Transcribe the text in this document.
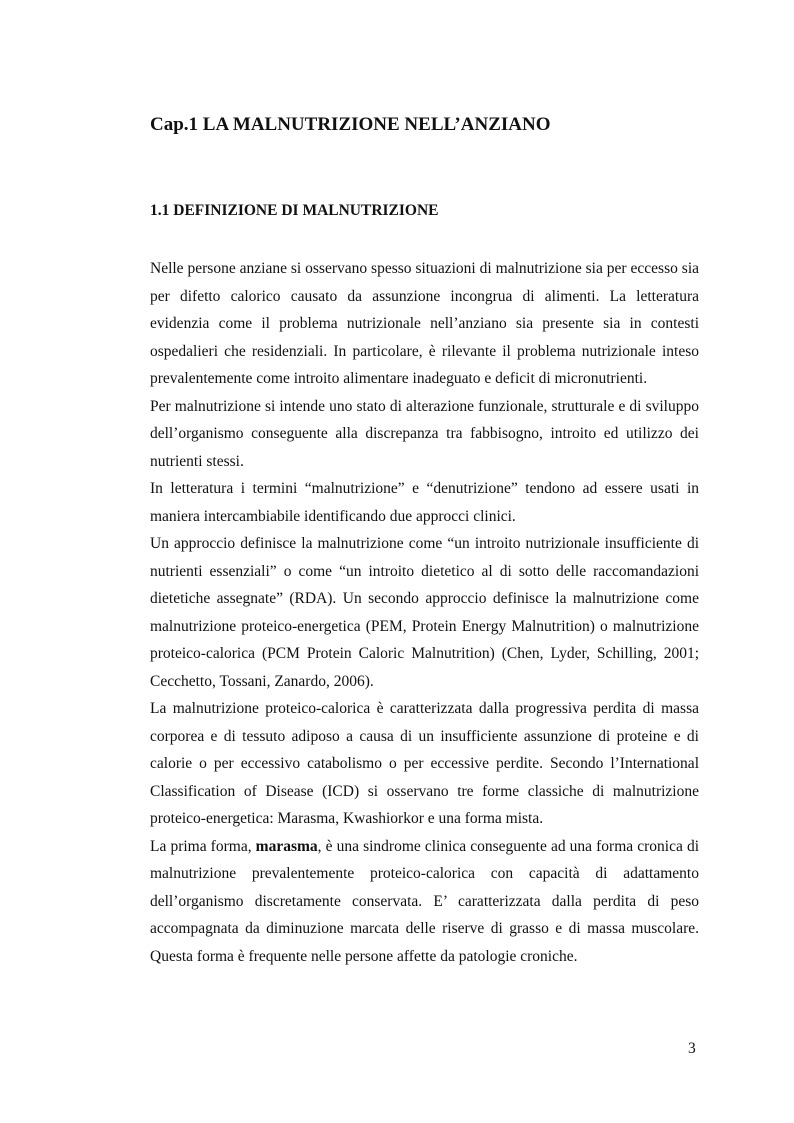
Cap.1 LA MALNUTRIZIONE NELL’ANZIANO
1.1 DEFINIZIONE DI MALNUTRIZIONE

Nelle persone anziane si osservano spesso situazioni di malnutrizione sia per eccesso sia per difetto calorico causato da assunzione incongrua di alimenti. La letteratura evidenzia come il problema nutrizionale nell’anziano sia presente sia in contesti ospedalieri che residenziali. In particolare, è rilevante il problema nutrizionale inteso prevalentemente come introito alimentare inadeguato e deficit di micronutrienti.

Per malnutrizione si intende uno stato di alterazione funzionale, strutturale e di sviluppo dell’organismo conseguente alla discrepanza tra fabbisogno, introito ed utilizzo dei nutrienti stessi.

In letteratura i termini “malnutrizione” e “denutrizione” tendono ad essere usati in maniera intercambiabile identificando due approcci clinici.

Un approccio definisce la malnutrizione come “un introito nutrizionale insufficiente di nutrienti essenziali” o come “un introito dietetico al di sotto delle raccomandazioni dietetiche assegnate” (RDA). Un secondo approccio definisce la malnutrizione come malnutrizione proteico-energetica (PEM, Protein Energy Malnutrition) o malnutrizione proteico-calorica (PCM Protein Caloric Malnutrition) (Chen, Lyder, Schilling, 2001; Cecchetto, Tossani, Zanardo, 2006).

La malnutrizione proteico-calorica è caratterizzata dalla progressiva perdita di massa corporea e di tessuto adiposo a causa di un insufficiente assunzione di proteine e di calorie o per eccessivo catabolismo o per eccessive perdite. Secondo l’International Classification of Disease (ICD) si osservano tre forme classiche di malnutrizione proteico-energetica: Marasma, Kwashiorkor e una forma mista.

La prima forma, marasma, è una sindrome clinica conseguente ad una forma cronica di malnutrizione prevalentemente proteico-calorica con capacità di adattamento dell’organismo discretamente conservata. E’ caratterizzata dalla perdita di peso accompagnata da diminuzione marcata delle riserve di grasso e di massa muscolare. Questa forma è frequente nelle persone affette da patologie croniche.

3
